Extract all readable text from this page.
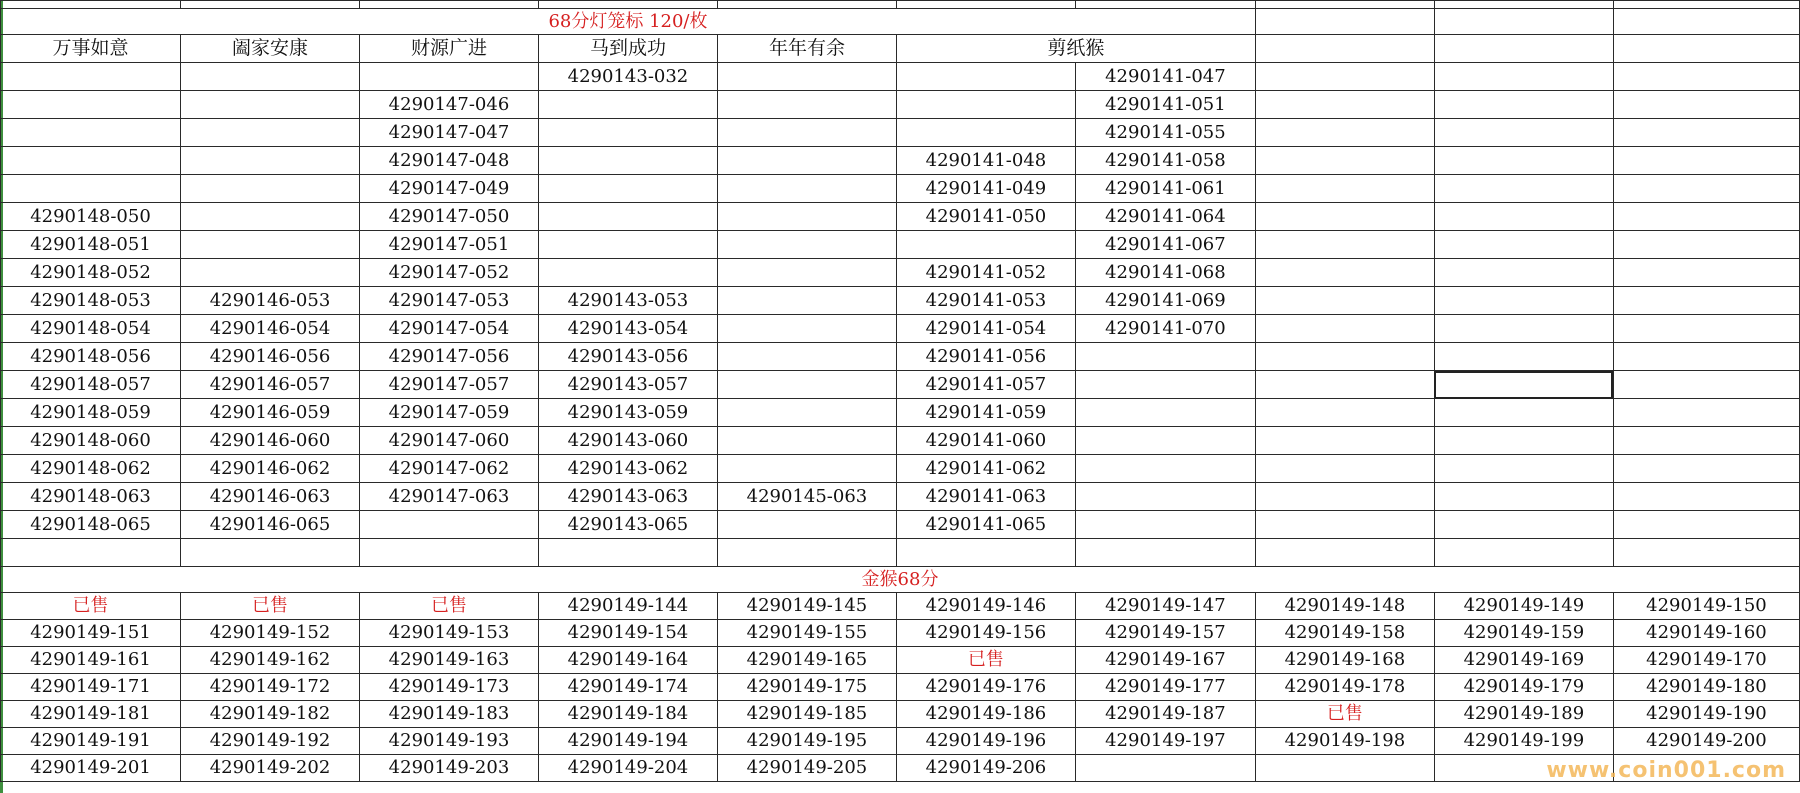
68分灯笼标 120/枚									
万事如意	阖家安康	财源广进	马到成功	年年有余	剪纸猴				
			4290143-032			4290141-047			
		4290147-046				4290141-051			
		4290147-047				4290141-055			
		4290147-048			4290141-048	4290141-058			
		4290147-049			4290141-049	4290141-061			
4290148-050		4290147-050			4290141-050	4290141-064			
4290148-051		4290147-051				4290141-067			
4290148-052		4290147-052			4290141-052	4290141-068			
4290148-053	4290146-053	4290147-053	4290143-053		4290141-053	4290141-069			
4290148-054	4290146-054	4290147-054	4290143-054		4290141-054	4290141-070			
4290148-056	4290146-056	4290147-056	4290143-056		4290141-056				
4290148-057	4290146-057	4290147-057	4290143-057		4290141-057				
4290148-059	4290146-059	4290147-059	4290143-059		4290141-059				
4290148-060	4290146-060	4290147-060	4290143-060		4290141-060				
4290148-062	4290146-062	4290147-062	4290143-062		4290141-062				
4290148-063	4290146-063	4290147-063	4290143-063	4290145-063	4290141-063				
4290148-065	4290146-065		4290143-065		4290141-065				

金猴68分									
已售	已售	已售	4290149-144	4290149-145	4290149-146	4290149-147	4290149-148	4290149-149	4290149-150
4290149-151	4290149-152	4290149-153	4290149-154	4290149-155	4290149-156	4290149-157	4290149-158	4290149-159	4290149-160
4290149-161	4290149-162	4290149-163	4290149-164	4290149-165	已售	4290149-167	4290149-168	4290149-169	4290149-170
4290149-171	4290149-172	4290149-173	4290149-174	4290149-175	4290149-176	4290149-177	4290149-178	4290149-179	4290149-180
4290149-181	4290149-182	4290149-183	4290149-184	4290149-185	4290149-186	4290149-187	已售	4290149-189	4290149-190
4290149-191	4290149-192	4290149-193	4290149-194	4290149-195	4290149-196	4290149-197	4290149-198	4290149-199	4290149-200
4290149-201	4290149-202	4290149-203	4290149-204	4290149-205	4290149-206					www.coin001.com
